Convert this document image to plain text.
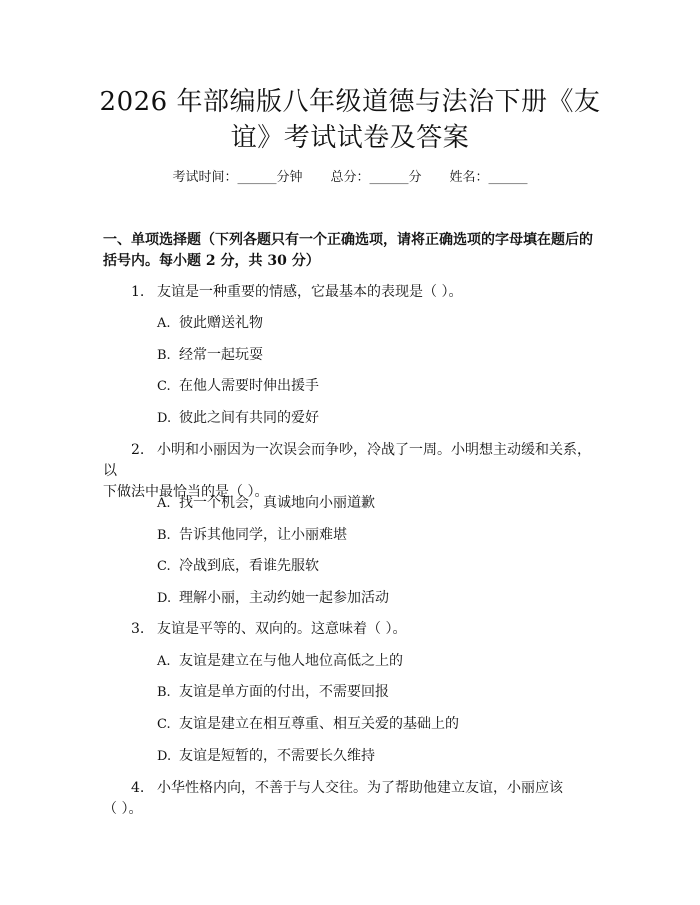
2026 年部编版八年级道德与法治下册《友
谊》考试试卷及答案
考试时间：______分钟 总分：______分 姓名：______
一、单项选择题（下列各题只有一个正确选项，请将正确选项的字母填在题后的
括号内。每小题 2 分，共 30 分）
1. 友谊是一种重要的情感，它最基本的表现是（ ）。
A. 彼此赠送礼物
B. 经常一起玩耍
C. 在他人需要时伸出援手
D. 彼此之间有共同的爱好
2. 小明和小丽因为一次误会而争吵，冷战了一周。小明想主动缓和关系，以
下做法中最恰当的是（ ）。
A. 找一个机会，真诚地向小丽道歉
B. 告诉其他同学，让小丽难堪
C. 冷战到底，看谁先服软
D. 理解小丽，主动约她一起参加活动
3. 友谊是平等的、双向的。这意味着（ ）。
A. 友谊是建立在与他人地位高低之上的
B. 友谊是单方面的付出，不需要回报
C. 友谊是建立在相互尊重、相互关爱的基础上的
D. 友谊是短暂的，不需要长久维持
4. 小华性格内向，不善于与人交往。为了帮助他建立友谊，小丽应该
（ ）。
